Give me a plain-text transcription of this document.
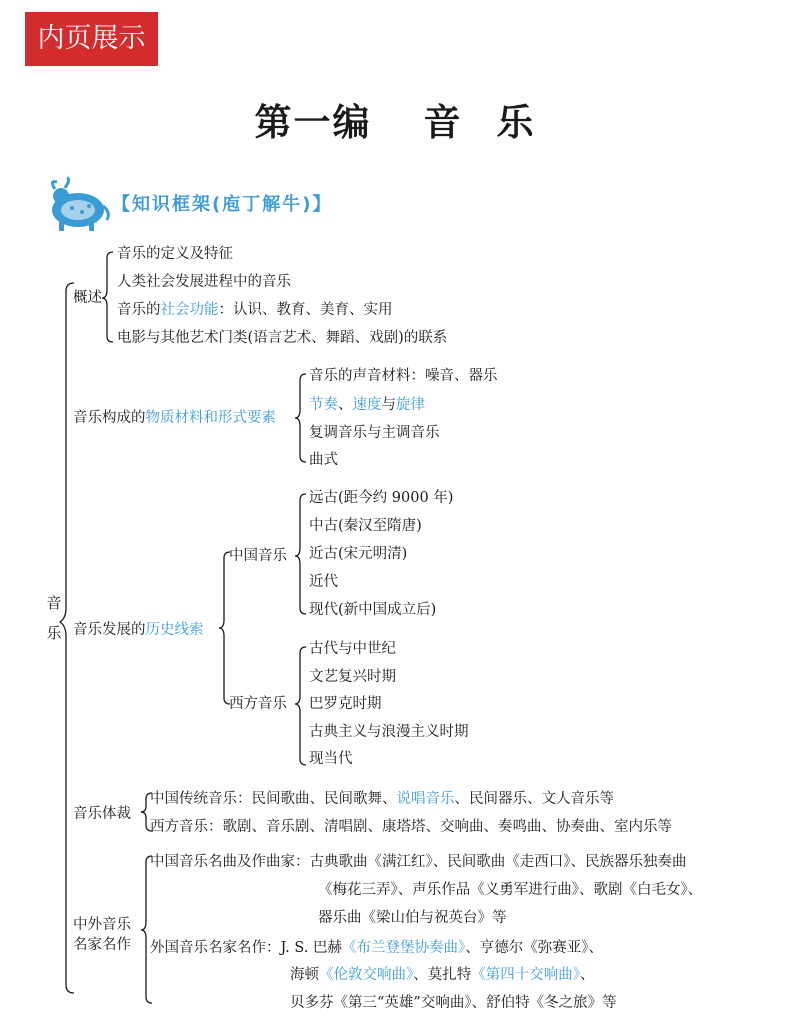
内页展示
第一编 音 乐
【知识框架(庖丁解牛)】
音
乐
概述
音乐的定义及特征
人类社会发展进程中的音乐
音乐的社会功能：认识、教育、美育、实用
电影与其他艺术门类(语言艺术、舞蹈、戏剧)的联系
音乐构成的物质材料和形式要素
音乐的声音材料：噪音、器乐
节奏、速度与旋律
复调音乐与主调音乐
曲式
音乐发展的历史线索
中国音乐
西方音乐
远古(距今约 9000 年)
中古(秦汉至隋唐)
近古(宋元明清)
近代
现代(新中国成立后)
古代与中世纪
文艺复兴时期
巴罗克时期
古典主义与浪漫主义时期
现当代
音乐体裁
中国传统音乐：民间歌曲、民间歌舞、说唱音乐、民间器乐、文人音乐等
西方音乐：歌剧、音乐剧、清唱剧、康塔塔、交响曲、奏鸣曲、协奏曲、室内乐等
中外音乐
名家名作
中国音乐名曲及作曲家：古典歌曲《满江红》、民间歌曲《走西口》、民族器乐独奏曲
《梅花三弄》、声乐作品《义勇军进行曲》、歌剧《白毛女》、
器乐曲《梁山伯与祝英台》等
外国音乐名家名作：J. S. 巴赫《布兰登堡协奏曲》、亨德尔《弥赛亚》、
海顿《伦敦交响曲》、莫扎特《第四十交响曲》、
贝多芬《第三“英雄”交响曲》、舒伯特《冬之旅》等
